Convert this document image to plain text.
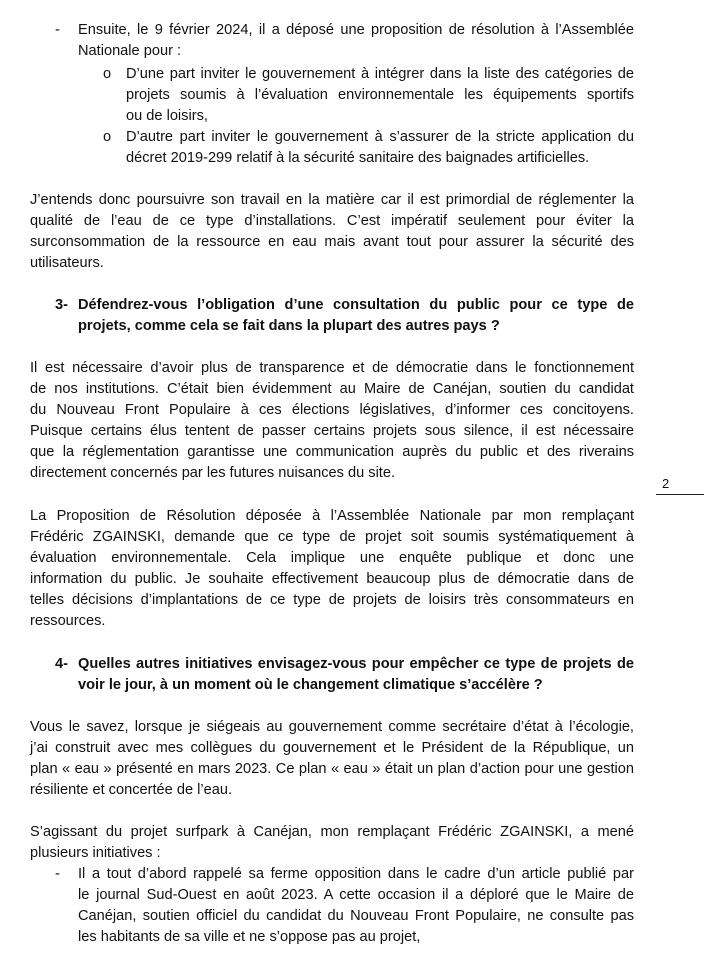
- Ensuite, le 9 février 2024, il a déposé une proposition de résolution à l’Assemblée
Nationale pour :
o D’une part inviter le gouvernement à intégrer dans la liste des catégories de
projets soumis à l’évaluation environnementale les équipements sportifs
ou de loisirs,
o D’autre part inviter le gouvernement à s’assurer de la stricte application du
décret 2019-299 relatif à la sécurité sanitaire des baignades artificielles.
J’entends donc poursuivre son travail en la matière car il est primordial de réglementer la
qualité de l’eau de ce type d’installations. C’est impératif seulement pour éviter la
surconsommation de la ressource en eau mais avant tout pour assurer la sécurité des
utilisateurs.
3- Défendrez-vous l’obligation d’une consultation du public pour ce type de
projets, comme cela se fait dans la plupart des autres pays ?
Il est nécessaire d’avoir plus de transparence et de démocratie dans le fonctionnement
de nos institutions. C’était bien évidemment au Maire de Canéjan, soutien du candidat
du Nouveau Front Populaire à ces élections législatives, d’informer ces concitoyens.
Puisque certains élus tentent de passer certains projets sous silence, il est nécessaire
que la réglementation garantisse une communication auprès du public et des riverains
directement concernés par les futures nuisances du site.
2
La Proposition de Résolution déposée à l’Assemblée Nationale par mon remplaçant
Frédéric ZGAINSKI, demande que ce type de projet soit soumis systématiquement à
évaluation environnementale. Cela implique une enquête publique et donc une
information du public. Je souhaite effectivement beaucoup plus de démocratie dans de
telles décisions d’implantations de ce type de projets de loisirs très consommateurs en
ressources.
4- Quelles autres initiatives envisagez-vous pour empêcher ce type de projets de
voir le jour, à un moment où le changement climatique s’accélère ?
Vous le savez, lorsque je siégeais au gouvernement comme secrétaire d’état à l’écologie,
j’ai construit avec mes collègues du gouvernement et le Président de la République, un
plan « eau » présenté en mars 2023. Ce plan « eau » était un plan d’action pour une gestion
résiliente et concertée de l’eau.
S’agissant du projet surfpark à Canéjan, mon remplaçant Frédéric ZGAINSKI, a mené
plusieurs initiatives :
- Il a tout d’abord rappelé sa ferme opposition dans le cadre d’un article publié par
le journal Sud-Ouest en août 2023. A cette occasion il a déploré que le Maire de
Canéjan, soutien officiel du candidat du Nouveau Front Populaire, ne consulte pas
les habitants de sa ville et ne s’oppose pas au projet,
